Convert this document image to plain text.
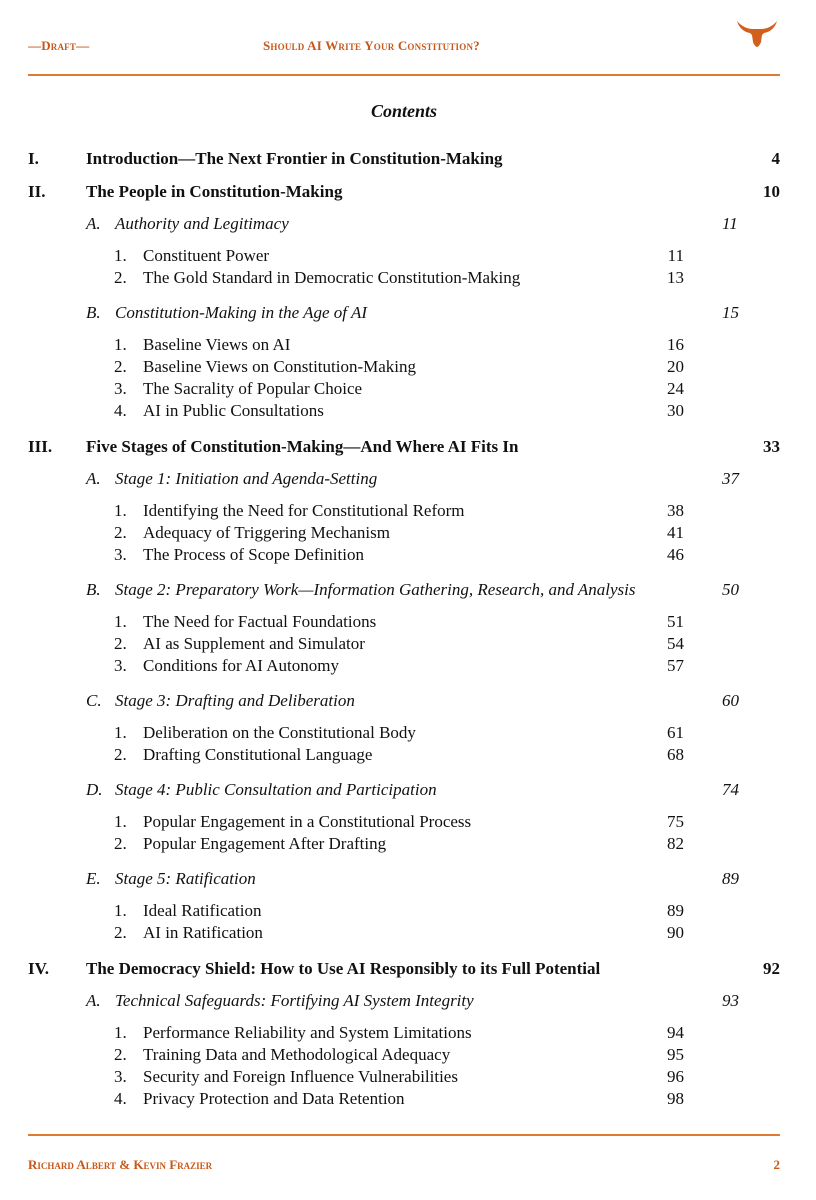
—Draft—	Should AI Write Your Constitution?
Contents
I.	Introduction—The Next Frontier in Constitution-Making	4
II. The People in Constitution-Making	10
A. Authority and Legitimacy	11
1. Constituent Power	11
2. The Gold Standard in Democratic Constitution-Making	13
B. Constitution-Making in the Age of AI	15
1. Baseline Views on AI	16
2. Baseline Views on Constitution-Making	20
3. The Sacrality of Popular Choice	24
4. AI in Public Consultations	30
III. Five Stages of Constitution-Making—And Where AI Fits In	33
A. Stage 1: Initiation and Agenda-Setting	37
1. Identifying the Need for Constitutional Reform	38
2. Adequacy of Triggering Mechanism	41
3. The Process of Scope Definition	46
B. Stage 2: Preparatory Work—Information Gathering, Research, and Analysis	50
1. The Need for Factual Foundations	51
2. AI as Supplement and Simulator	54
3. Conditions for AI Autonomy	57
C. Stage 3: Drafting and Deliberation	60
1. Deliberation on the Constitutional Body	61
2. Drafting Constitutional Language	68
D. Stage 4: Public Consultation and Participation	74
1. Popular Engagement in a Constitutional Process	75
2. Popular Engagement After Drafting	82
E. Stage 5: Ratification	89
1. Ideal Ratification	89
2. AI in Ratification	90
IV. The Democracy Shield: How to Use AI Responsibly to its Full Potential	92
A. Technical Safeguards: Fortifying AI System Integrity	93
1. Performance Reliability and System Limitations	94
2. Training Data and Methodological Adequacy	95
3. Security and Foreign Influence Vulnerabilities	96
4. Privacy Protection and Data Retention	98
Richard Albert & Kevin Frazier	2
